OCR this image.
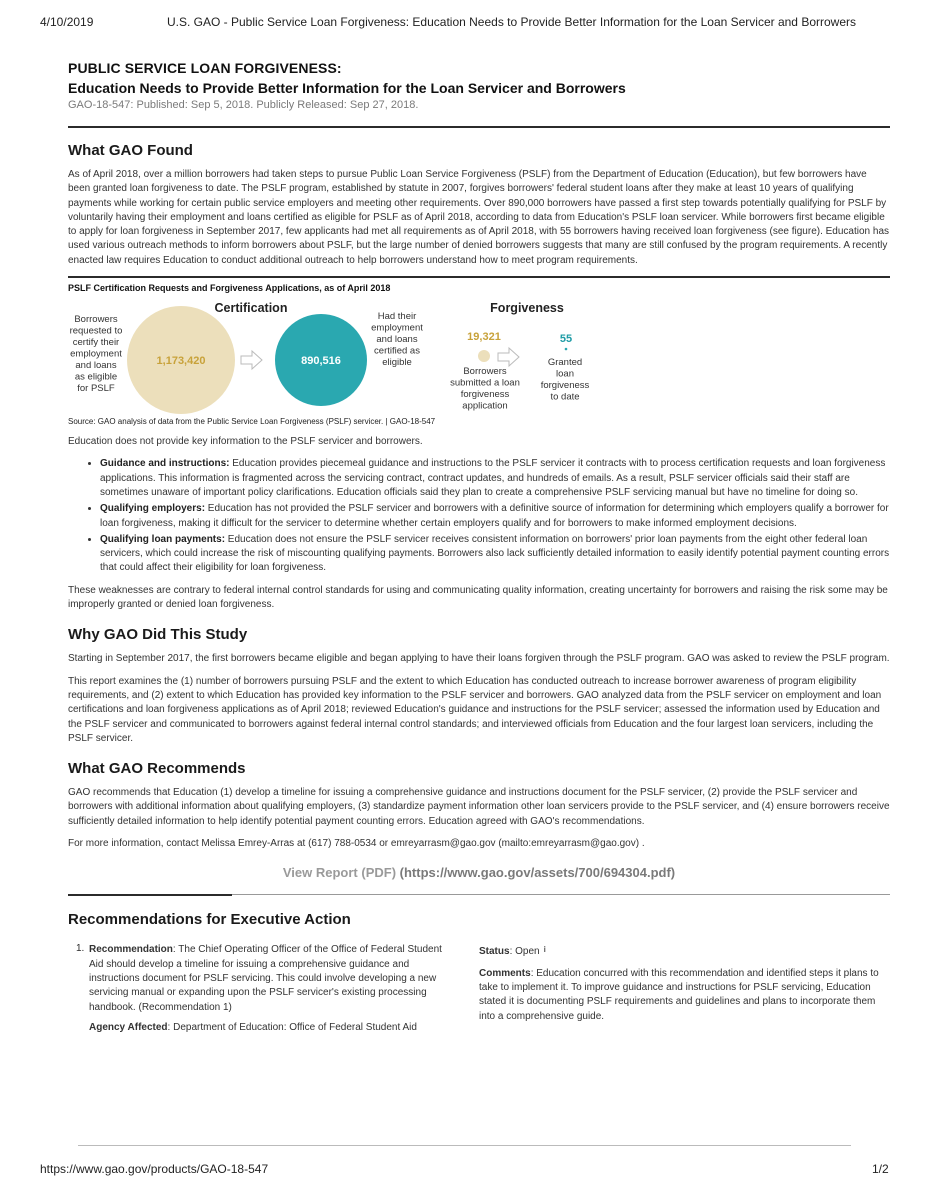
4/10/2019	U.S. GAO - Public Service Loan Forgiveness: Education Needs to Provide Better Information for the Loan Servicer and Borrowers
PUBLIC SERVICE LOAN FORGIVENESS:
Education Needs to Provide Better Information for the Loan Servicer and Borrowers
GAO-18-547: Published: Sep 5, 2018. Publicly Released: Sep 27, 2018.
What GAO Found

As of April 2018, over a million borrowers had taken steps to pursue Public Loan Service Forgiveness (PSLF) from the Department of Education (Education), but few borrowers have been granted loan forgiveness to date. The PSLF program, established by statute in 2007, forgives borrowers' federal student loans after they make at least 10 years of qualifying payments while working for certain public service employers and meeting other requirements. Over 890,000 borrowers have passed a first step towards potentially qualifying for PSLF by voluntarily having their employment and loans certified as eligible for PSLF as of April 2018, according to data from Education's PSLF loan servicer. While borrowers first became eligible to apply for loan forgiveness in September 2017, few applicants had met all requirements as of April 2018, with 55 borrowers having received loan forgiveness (see figure). Education has used various outreach methods to inform borrowers about PSLF, but the large number of denied borrowers suggests that many are still confused by the program requirements. A recently enacted law requires Education to conduct additional outreach to help borrowers understand how to meet program requirements.

PSLF Certification Requests and Forgiveness Applications, as of April 2018
Certification	Forgiveness
Borrowers
requested to
certify their
employment
and loans
as eligible
for PSLF
1,173,420	890,516
Had their
employment
and loans
certified as
eligible
19,321	55
Borrowers
submitted a loan
forgiveness
application
Granted
loan
forgiveness
to date
Source: GAO analysis of data from the Public Service Loan Forgiveness (PSLF) servicer. | GAO-18-547

Education does not provide key information to the PSLF servicer and borrowers.

• Guidance and instructions: Education provides piecemeal guidance and instructions to the PSLF servicer it contracts with to process certification requests and loan forgiveness applications. This information is fragmented across the servicing contract, contract updates, and hundreds of emails. As a result, PSLF servicer officials said their staff are sometimes unaware of important policy clarifications. Education officials said they plan to create a comprehensive PSLF servicing manual but have no timeline for doing so.
• Qualifying employers: Education has not provided the PSLF servicer and borrowers with a definitive source of information for determining which employers qualify a borrower for loan forgiveness, making it difficult for the servicer to determine whether certain employers qualify and for borrowers to make informed employment decisions.
• Qualifying loan payments: Education does not ensure the PSLF servicer receives consistent information on borrowers' prior loan payments from the eight other federal loan servicers, which could increase the risk of miscounting qualifying payments. Borrowers also lack sufficiently detailed information to easily identify potential payment counting errors that could affect their eligibility for loan forgiveness.

These weaknesses are contrary to federal internal control standards for using and communicating quality information, creating uncertainty for borrowers and raising the risk some may be improperly granted or denied loan forgiveness.

Why GAO Did This Study

Starting in September 2017, the first borrowers became eligible and began applying to have their loans forgiven through the PSLF program. GAO was asked to review the PSLF program.

This report examines the (1) number of borrowers pursuing PSLF and the extent to which Education has conducted outreach to increase borrower awareness of program eligibility requirements, and (2) extent to which Education has provided key information to the PSLF servicer and borrowers. GAO analyzed data from the PSLF servicer on employment and loan certifications and loan forgiveness applications as of April 2018; reviewed Education's guidance and instructions for the PSLF servicer; assessed the information used by Education and the PSLF servicer and communicated to borrowers against federal internal control standards; and interviewed officials from Education and the four largest loan servicers, including the PSLF servicer.

What GAO Recommends

GAO recommends that Education (1) develop a timeline for issuing a comprehensive guidance and instructions document for the PSLF servicer, (2) provide the PSLF servicer and borrowers with additional information about qualifying employers, (3) standardize payment information other loan servicers provide to the PSLF servicer, and (4) ensure borrowers receive sufficiently detailed information to help identify potential payment counting errors. Education agreed with GAO's recommendations.

For more information, contact Melissa Emrey-Arras at (617) 788-0534 or emreyarrasm@gao.gov (mailto:emreyarrasm@gao.gov) .

View Report (PDF) (https://www.gao.gov/assets/700/694304.pdf)
Recommendations for Executive Action
1. Recommendation: The Chief Operating Officer of the Office of Federal Student Aid should develop a timeline for issuing a comprehensive guidance and instructions document for PSLF servicing. This could involve developing a new servicing manual or expanding upon the PSLF servicer's existing processing handbook. (Recommendation 1)
Agency Affected: Department of Education: Office of Federal Student Aid
Status: Open i
Comments: Education concurred with this recommendation and identified steps it plans to take to implement it. To improve guidance and instructions for PSLF servicing, Education stated it is documenting PSLF requirements and guidelines and plans to incorporate them into a comprehensive guide.
https://www.gao.gov/products/GAO-18-547	1/2
